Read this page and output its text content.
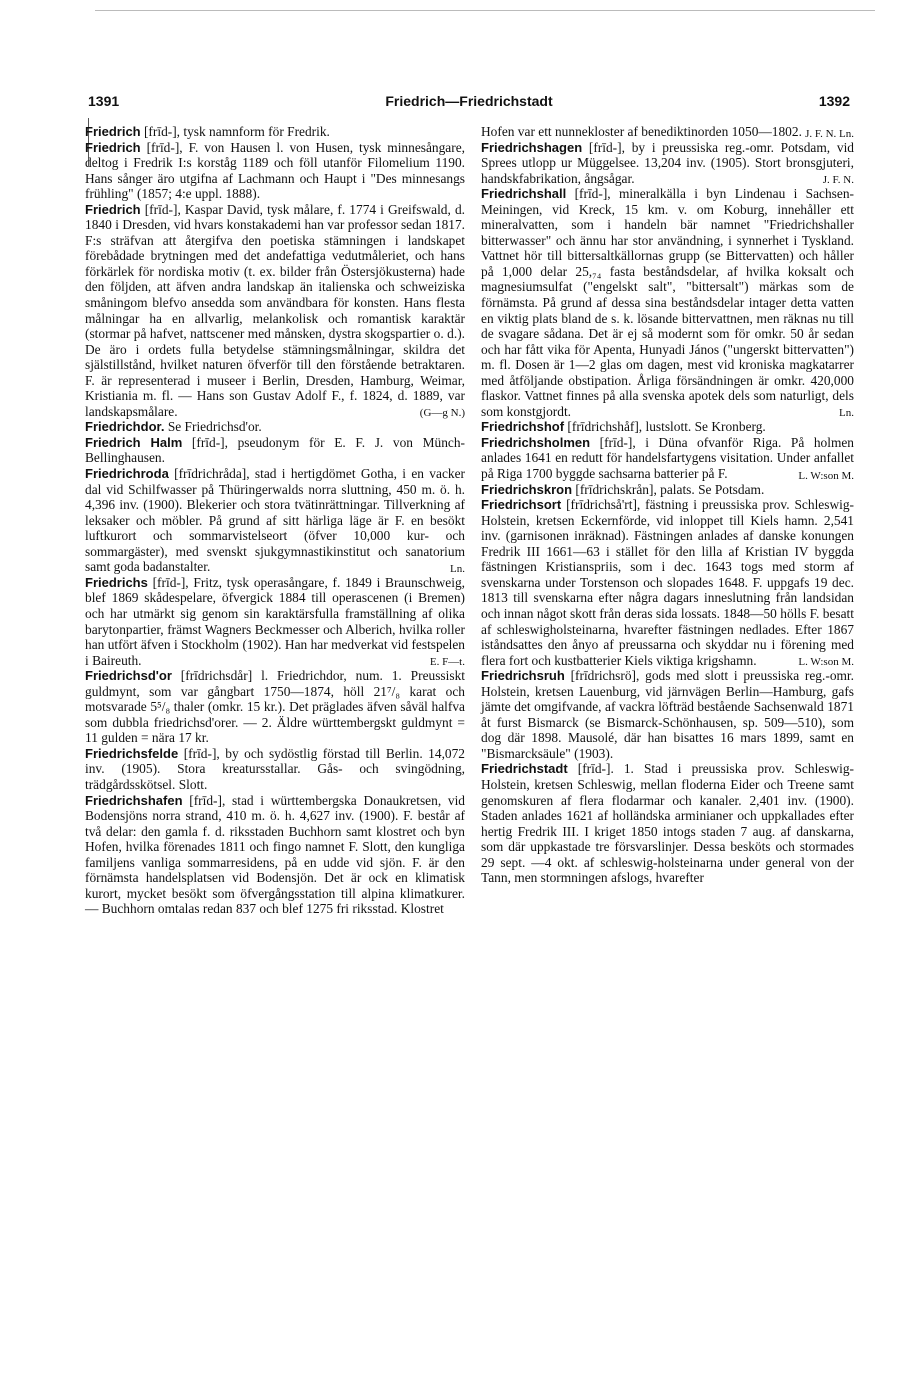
1391	Friedrich—Friedrichstadt	1392

Friedrich [frīd-], tysk namnform för Fredrik.

Friedrich [frīd-], F. von Hausen l. von Husen, tysk minnesångare, deltog i Fredrik I:s korståg 1189 och föll utanför Filomelium 1190. Hans sånger äro utgifna af Lachmann och Haupt i "Des minnesangs frühling" (1857; 4:e uppl. 1888).

Friedrich [frīd-], Kaspar David, tysk målare, f. 1774 i Greifswald, d. 1840 i Dresden, vid hvars konstakademi han var professor sedan 1817. F:s sträfvan att återgifva den poetiska stämningen i landskapet förebådade brytningen med det andefattiga vedutmåleriet, och hans förkärlek för nordiska motiv (t. ex. bilder från Östersjökusterna) hade den följden, att äfven andra landskap än italienska och schweiziska småningom blefvo ansedda som användbara för konsten. Hans flesta målningar ha en allvarlig, melankolisk och romantisk karaktär (stormar på hafvet, nattscener med månsken, dystra skogspartier o. d.). De äro i ordets fulla betydelse stämningsmålningar, skildra det själstillstånd, hvilket naturen öfverför till den förstående betraktaren. F. är representerad i museer i Berlin, Dresden, Hamburg, Weimar, Kristiania m. fl. — Hans son Gustav Adolf F., f. 1824, d. 1889, var landskapsmålare.	(G—g N.)

Friedrichdor. Se Friedrichsd'or.

Friedrich Halm [frīd-], pseudonym för E. F. J. von Münch-Bellinghausen.

Friedrichroda [frīdrichråda], stad i hertigdömet Gotha, i en vacker dal vid Schilfwasser på Thüringerwalds norra sluttning, 450 m. ö. h. 4,396 inv. (1900). Blekerier och stora tvätinrättningar. Tillverkning af leksaker och möbler. På grund af sitt härliga läge är F. en besökt luftkurort och sommarvistelseort (öfver 10,000 kur- och sommargäster), med svenskt sjukgymnastikinstitut och sanatorium samt goda badanstalter.	Ln.

Friedrichs [frīd-], Fritz, tysk operasångare, f. 1849 i Braunschweig, blef 1869 skådespelare, öfvergick 1884 till operascenen (i Bremen) och har utmärkt sig genom sin karaktärsfulla framställning af olika barytonpartier, främst Wagners Beckmesser och Alberich, hvilka roller han utfört äfven i Stockholm (1902). Han har medverkat vid festspelen i Baireuth.	E. F—t.

Friedrichsd'or [frīdrichsdår] l. Friedrichdor, num. 1. Preussiskt guldmynt, som var gångbart 1750—1874, höll 21⁷/₈ karat och motsvarade 5⁵/₈ thaler (omkr. 15 kr.). Det präglades äfven såväl halfva som dubbla friedrichsd'orer. — 2. Äldre württembergskt guldmynt = 11 gulden = nära 17 kr.

Friedrichsfelde [frīd-], by och sydöstlig förstad till Berlin. 14,072 inv. (1905). Stora kreatursstallar. Gås- och svingödning, trädgårdsskötsel. Slott.

Friedrichshafen [frīd-], stad i württembergska Donaukretsen, vid Bodensjöns norra strand, 410 m. ö. h. 4,627 inv. (1900). F. består af två delar: den gamla f. d. riksstaden Buchhorn samt klostret och byn Hofen, hvilka förenades 1811 och fingo namnet F. Slott, den kungliga familjens vanliga sommarresidens, på en udde vid sjön. F. är den förnämsta handelsplatsen vid Bodensjön. Det är ock en klimatisk kurort, mycket besökt som öfvergångsstation till alpina klimatkurer. — Buchhorn omtalas redan 837 och blef 1275 fri riksstad. Klostret

Hofen var ett nunnekloster af benediktinorden 1050—1802. J. F. N. Ln.

Friedrichshagen [frīd-], by i preussiska reg.-omr. Potsdam, vid Sprees utlopp ur Müggelsee. 13,204 inv. (1905). Stort bronsgjuteri, handskfabrikation, ångsågar.	J. F. N.

Friedrichshall [frīd-], mineralkälla i byn Lindenau i Sachsen-Meiningen, vid Kreck, 15 km. v. om Koburg, innehåller ett mineralvatten, som i handeln bär namnet "Friedrichshaller bitterwasser" och ännu har stor användning, i synnerhet i Tyskland. Vattnet hör till bittersaltkällornas grupp (se Bittervatten) och håller på 1,000 delar 25,₇₄ fasta beståndsdelar, af hvilka koksalt och magnesiumsulfat ("engelskt salt", "bittersalt") märkas som de förnämsta. På grund af dessa sina beståndsdelar intager detta vatten en viktig plats bland de s. k. lösande bittervattnen, men räknas nu till de svagare sådana. Det är ej så modernt som för omkr. 50 år sedan och har fått vika för Apenta, Hunyadi János ("ungerskt bittervatten") m. fl. Dosen är 1—2 glas om dagen, mest vid kroniska magkatarrer med åtföljande obstipation. Årliga försändningen är omkr. 420,000 flaskor. Vattnet finnes på alla svenska apotek dels som naturligt, dels som konstgjordt.	Ln.

Friedrichshof [frīdrichshåf], lustslott. Se Kronberg.

Friedrichsholmen [frīd-], i Düna ofvanför Riga. På holmen anlades 1641 en redutt för handelsfartygens visitation. Under anfallet på Riga 1700 byggde sachsarna batterier på F.	L. W:son M.

Friedrichskron [frīdrichskrån], palats. Se Potsdam.

Friedrichsort [frīdrichså'rt], fästning i preussiska prov. Schleswig-Holstein, kretsen Eckernförde, vid inloppet till Kiels hamn. 2,541 inv. (garnisonen inräknad). Fästningen anlades af danske konungen Fredrik III 1661—63 i stället för den lilla af Kristian IV byggda fästningen Kristianspriis, som i dec. 1643 togs med storm af svenskarna under Torstenson och slopades 1648. F. uppgafs 19 dec. 1813 till svenskarna efter några dagars inneslutning från landsidan och innan något skott från deras sida lossats. 1848—50 hölls F. besatt af schleswigholsteinarna, hvarefter fästningen nedlades. Efter 1867 iståndsattes den ånyo af preussarna och skyddar nu i förening med flera fort och kustbatterier Kiels viktiga krigshamn.	L. W:son M.

Friedrichsruh [frīdrichsrö], gods med slott i preussiska reg.-omr. Holstein, kretsen Lauenburg, vid järnvägen Berlin—Hamburg, gafs jämte det omgifvande, af vackra löfträd bestående Sachsenwald 1871 åt furst Bismarck (se Bismarck-Schönhausen, sp. 509—510), som dog där 1898. Mausolé, där han bisattes 16 mars 1899, samt en "Bismarcksäule" (1903).

Friedrichstadt [frīd-]. 1. Stad i preussiska prov. Schleswig-Holstein, kretsen Schleswig, mellan floderna Eider och Treene samt genomskuren af flera flodarmar och kanaler. 2,401 inv. (1900). Staden anlades 1621 af holländska arminianer och uppkallades efter hertig Fredrik III. I kriget 1850 intogs staden 7 aug. af danskarna, som där uppkastade tre försvarslinjer. Dessa besköts och stormades 29 sept. —4 okt. af schleswig-holsteinarna under general von der Tann, men stormningen afslogs, hvarefter
